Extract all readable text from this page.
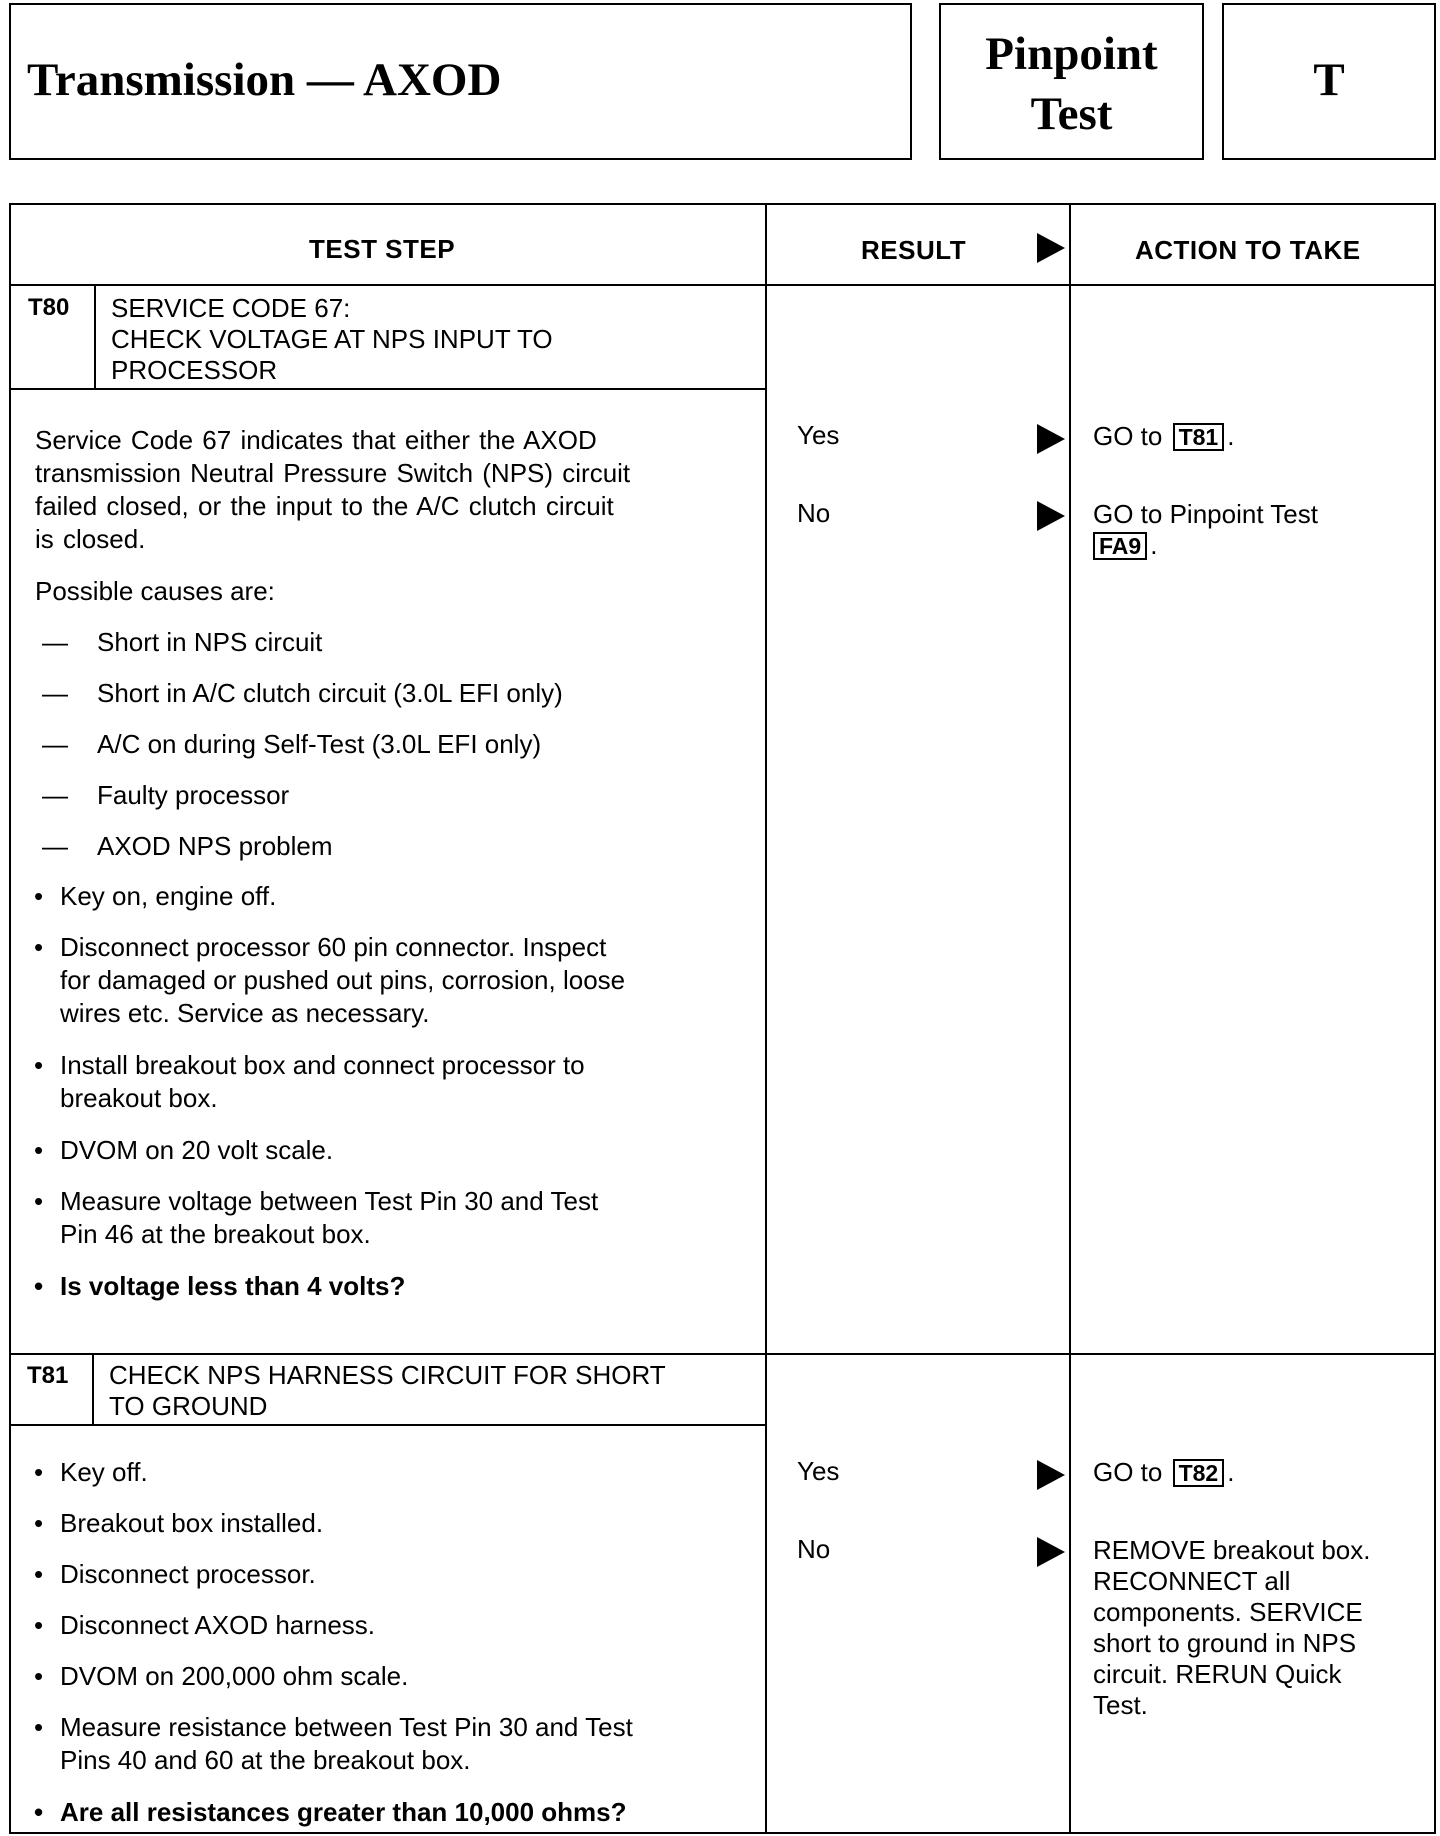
Transmission — AXOD	Pinpoint
Test
T
TEST STEP	RESULT	ACTION TO TAKE
T80 SERVICE CODE 67:
CHECK VOLTAGE AT NPS INPUT TO
PROCESSOR
Service Code 67 indicates that either the AXOD
transmission Neutral Pressure Switch (NPS) circuit
failed closed, or the input to the A/C clutch circuit
is closed.
Possible causes are:
— Short in NPS circuit
— Short in A/C clutch circuit (3.0L EFI only)
— A/C on during Self-Test (3.0L EFI only)
— Faulty processor
— AXOD NPS problem
• Key on, engine off.
• Disconnect processor 60 pin connector. Inspect
for damaged or pushed out pins, corrosion, loose
wires etc. Service as necessary.
• Install breakout box and connect processor to
breakout box.
• DVOM on 20 volt scale.
• Measure voltage between Test Pin 30 and Test
Pin 46 at the breakout box.
• Is voltage less than 4 volts?
Yes	GO to T81 .
No	GO to Pinpoint Test
FA9 .
T81 CHECK NPS HARNESS CIRCUIT FOR SHORT
TO GROUND
• Key off.
• Breakout box installed.
• Disconnect processor.
• Disconnect AXOD harness.
• DVOM on 200,000 ohm scale.
• Measure resistance between Test Pin 30 and Test
Pins 40 and 60 at the breakout box.
• Are all resistances greater than 10,000 ohms?
Yes	GO to T82 .
No	REMOVE breakout box.
RECONNECT all
components. SERVICE
short to ground in NPS
circuit. RERUN Quick
Test.
